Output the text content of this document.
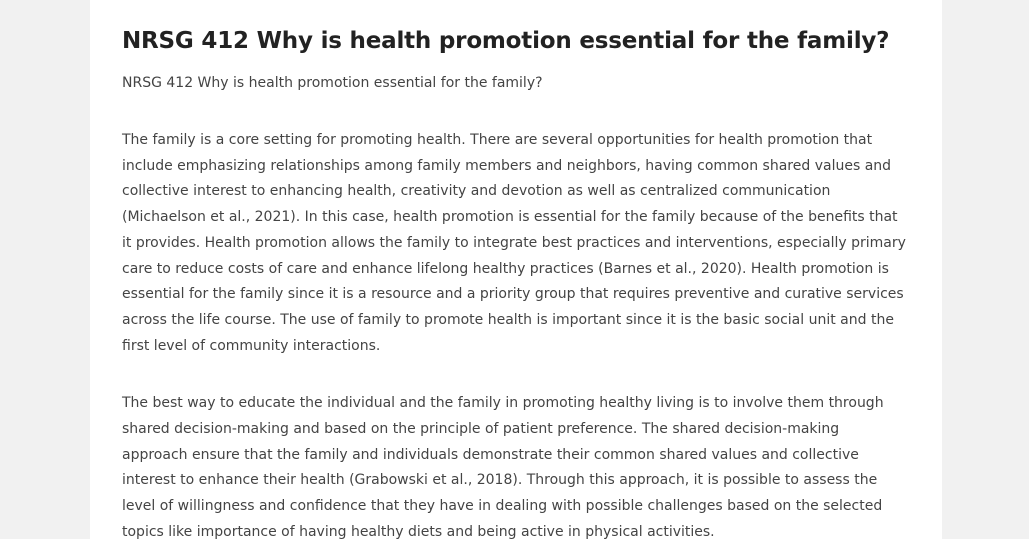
NRSG 412 Why is health promotion essential for the family?

NRSG 412 Why is health promotion essential for the family?

The family is a core setting for promoting health. There are several opportunities for health promotion that include emphasizing relationships among family members and neighbors, having common shared values and collective interest to enhancing health, creativity and devotion as well as centralized communication (Michaelson et al., 2021). In this case, health promotion is essential for the family because of the benefits that it provides. Health promotion allows the family to integrate best practices and interventions, especially primary care to reduce costs of care and enhance lifelong healthy practices (Barnes et al., 2020). Health promotion is essential for the family since it is a resource and a priority group that requires preventive and curative services across the life course. The use of family to promote health is important since it is the basic social unit and the first level of community interactions.

The best way to educate the individual and the family in promoting healthy living is to involve them through shared decision-making and based on the principle of patient preference. The shared decision-making approach ensure that the family and individuals demonstrate their common shared values and collective interest to enhance their health (Grabowski et al., 2018). Through this approach, it is possible to assess the level of willingness and confidence that they have in dealing with possible challenges based on the selected topics like importance of having healthy diets and being active in physical activities.
